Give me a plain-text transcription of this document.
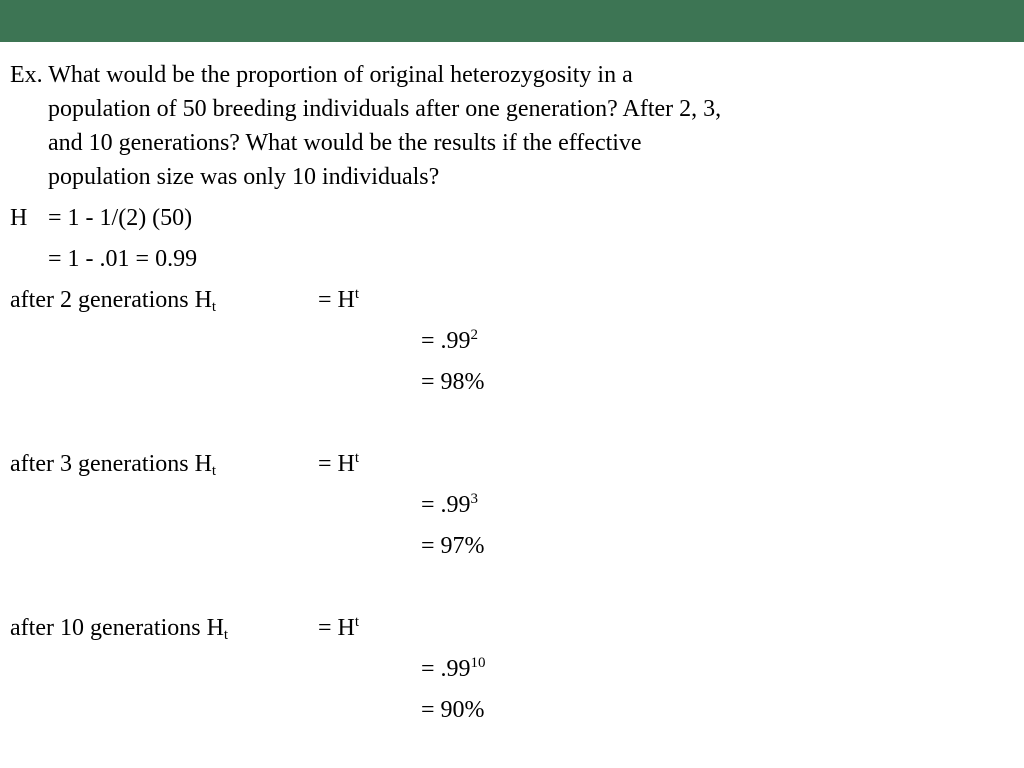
Ex. What would be the proportion of original heterozygosity in a
population of 50 breeding individuals after one generation? After 2, 3,
and 10 generations? What would be the results if the effective
population size was only 10 individuals?
H = 1 - 1/(2) (50)
= 1 - .01 = 0.99
after 2 generations $H_t$	= $H^t$
= $.99^2$
= 98%
after 3 generations $H_t$	= $H^t$
= $.99^3$
= 97%
after 10 generations $H_t$	= $H^t$
= $.99^{10}$
= 90%
